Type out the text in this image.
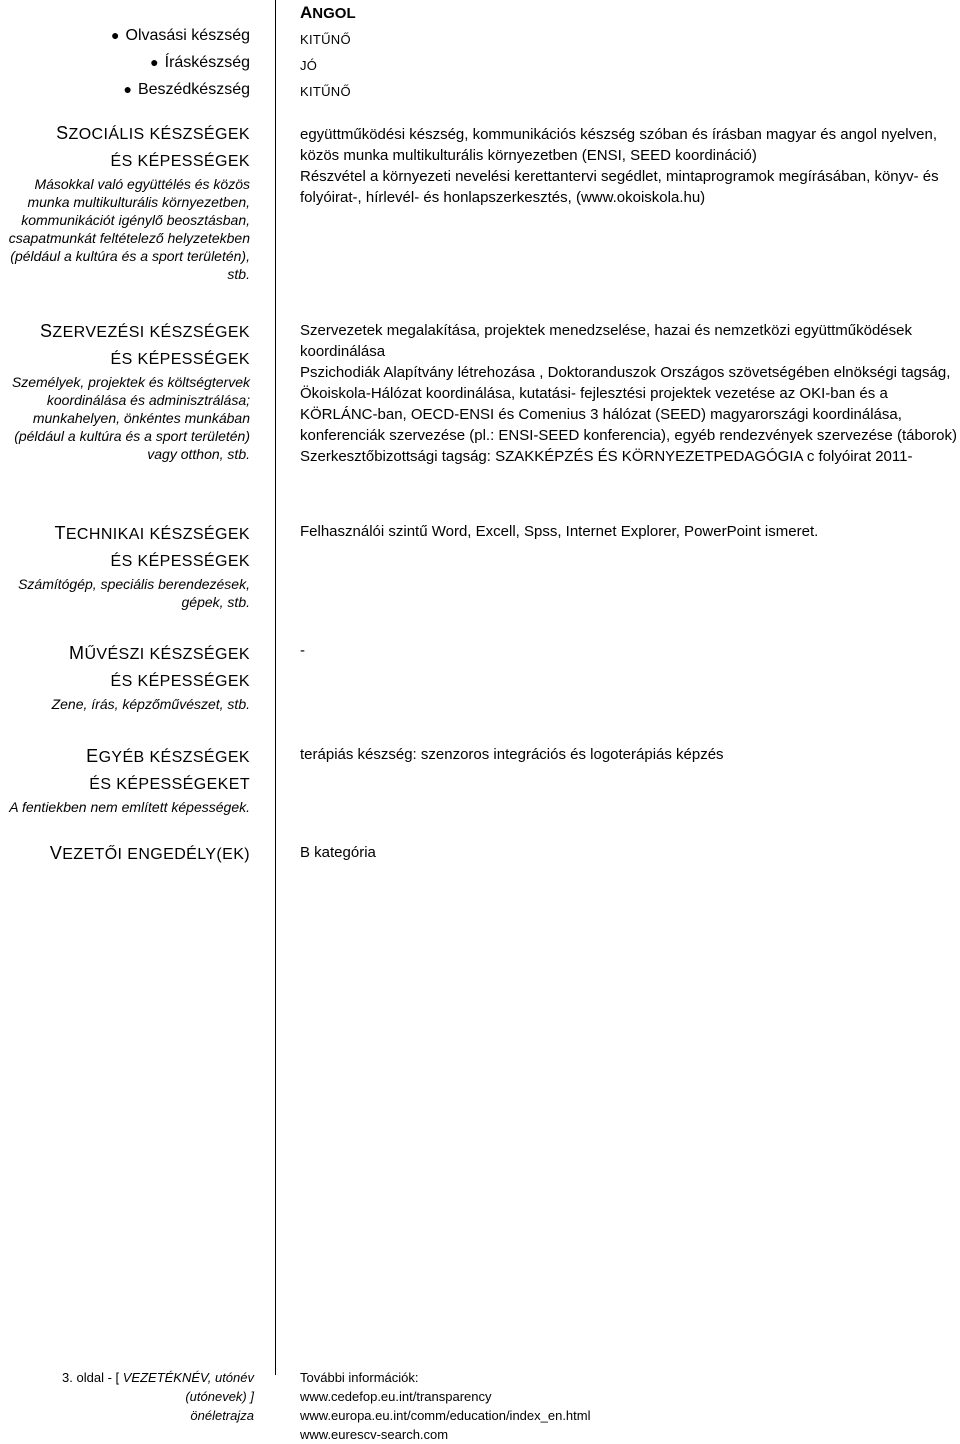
ANGOL
KITŰNŐ
JÓ
KITŰNŐ
● Olvasási készség
● Íráskészség
● Beszédkészség
SZOCIÁLIS KÉSZSÉGEK
ÉS KÉPESSÉGEK
Másokkal való együttélés és közös munka multikulturális környezetben, kommunikációt igénylő beosztásban, csapatmunkát feltételező helyzetekben (például a kultúra és a sport területén), stb.

együttműködési készség, kommunikációs készség szóban és írásban magyar és angol nyelven, közös munka multikulturális környezetben (ENSI, SEED koordináció)

Részvétel a környezeti nevelési kerettantervi segédlet, mintaprogramok megírásában, könyv- és folyóirat-, hírlevél- és honlapszerkesztés, (www.okoiskola.hu)

SZERVEZÉSI KÉSZSÉGEK
ÉS KÉPESSÉGEK
Személyek, projektek és költségtervek koordinálása és adminisztrálása; munkahelyen, önkéntes munkában (például a kultúra és a sport területén) vagy otthon, stb.

Szervezetek megalakítása, projektek menedzselése, hazai és nemzetközi együttműködések koordinálása

Pszichodiák Alapítvány létrehozása , Doktoranduszok Országos szövetségében elnökségi tagság, Ökoiskola-Hálózat koordinálása, kutatási- fejlesztési projektek vezetése az OKI-ban és a KÖRLÁNC-ban, OECD-ENSI és Comenius 3 hálózat (SEED) magyarországi koordinálása, konferenciák szervezése (pl.: ENSI-SEED konferencia), egyéb rendezvények szervezése (táborok)

Szerkesztőbizottsági tagság: SZAKKÉPZÉS ÉS KÖRNYEZETPEDAGÓGIA c folyóirat 2011-

TECHNIKAI KÉSZSÉGEK
ÉS KÉPESSÉGEK
Számítógép, speciális berendezések, gépek, stb.

Felhasználói szintű Word, Excell, Spss, Internet Explorer, PowerPoint ismeret.

MŰVÉSZI KÉSZSÉGEK
ÉS KÉPESSÉGEK
Zene, írás, képzőművészet, stb.

-

EGYÉB KÉSZSÉGEK
ÉS KÉPESSÉGEKET
A fentiekben nem említett képességek.

terápiás készség: szenzoros integrációs és logoterápiás képzés

VEZETŐI ENGEDÉLY(EK)	B kategória

3. oldal - [ VEZETÉKNÉV, utónév (utónevek) ]
önéletrajza
További információk:
www.cedefop.eu.int/transparency
www.europa.eu.int/comm/education/index_en.html
www.eurescv-search.com
